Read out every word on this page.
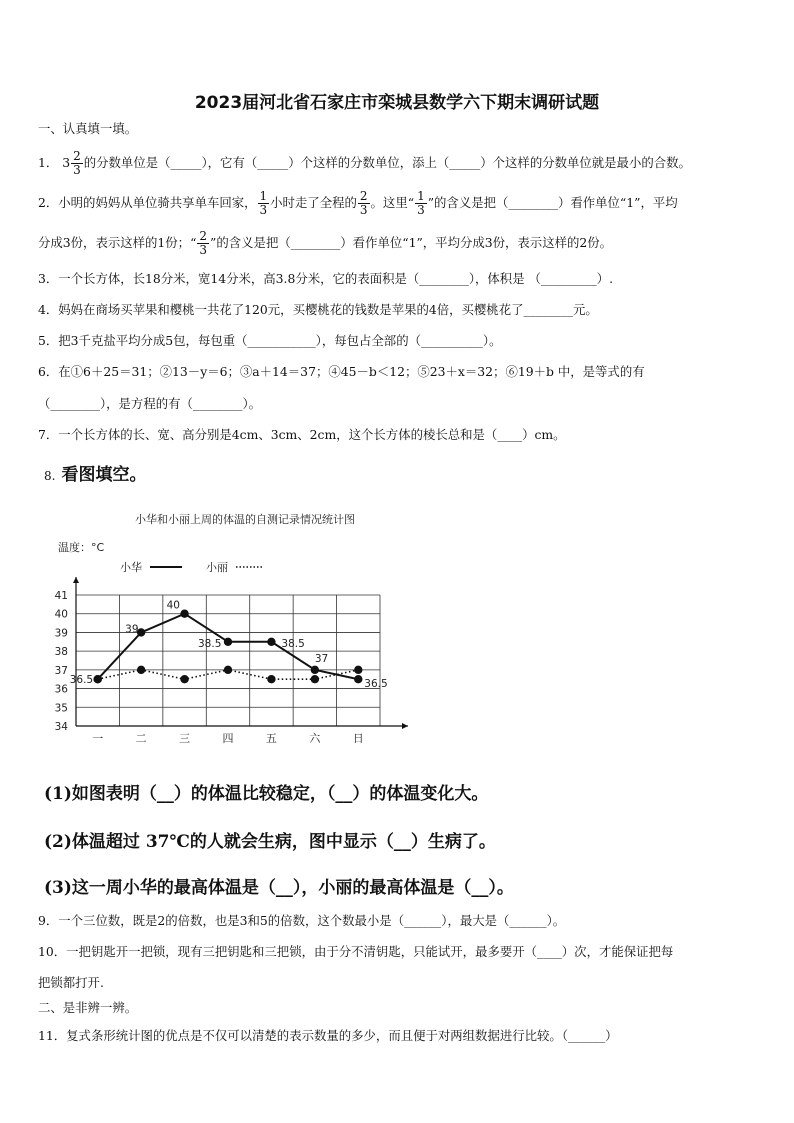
2023届河北省石家庄市栾城县数学六下期末调研试题
一、认真填一填。
1． $3 \frac{2}{3}$ 的分数单位是（_____），它有（_____）个这样的分数单位，添上（_____）个这样的分数单位就是最小的合数。
2．小明的妈妈从单位骑共享单车回家， $\frac{1}{3}$ 小时走了全程的 $\frac{2}{3}$ 。这里“ $\frac{1}{3}$ ”的含义是把（________）看作单位“1”，平均
分成3份，表示这样的1份；“ $\frac{2}{3}$ ”的含义是把（________）看作单位“1”，平均分成3份，表示这样的2份。
3．一个长方体，长18分米，宽14分米，高3.8分米，它的表面积是（________），体积是 （_________）.
4．妈妈在商场买苹果和樱桃一共花了120元，买樱桃花的钱数是苹果的4倍，买樱桃花了________元。
5．把3千克盐平均分成5包，每包重（___________），每包占全部的（__________）。
6．在①6＋25＝31；②13－y＝6；③a＋14＝37；④45－b＜12；⑤23＋x＝32；⑥19＋b 中，是等式的有
（________），是方程的有（________）。
7．一个长方体的长、宽、高分别是4cm、3cm、2cm，这个长方体的棱长总和是（____）cm。
8. 看图填空。
小华和小丽上周的体温的自测记录情况统计图
温度：°C
小华	小丽
34
35
36
37
38
39
40
41
一	二	三	四	五	六	日
36.5
39
40
38.5	38.5
37
36.5
(1)如图表明（__）的体温比较稳定，（__）的体温变化大。
(2)体温超过 37℃的人就会生病，图中显示（__）生病了。
(3)这一周小华的最高体温是（__），小丽的最高体温是（__）。
9．一个三位数，既是2的倍数，也是3和5的倍数，这个数最小是（______），最大是（______）。
10．一把钥匙开一把锁，现有三把钥匙和三把锁，由于分不清钥匙，只能试开，最多要开（____）次，才能保证把每
把锁都打开.
二、是非辨一辨。
11．复式条形统计图的优点是不仅可以清楚的表示数量的多少，而且便于对两组数据进行比较。（______）
